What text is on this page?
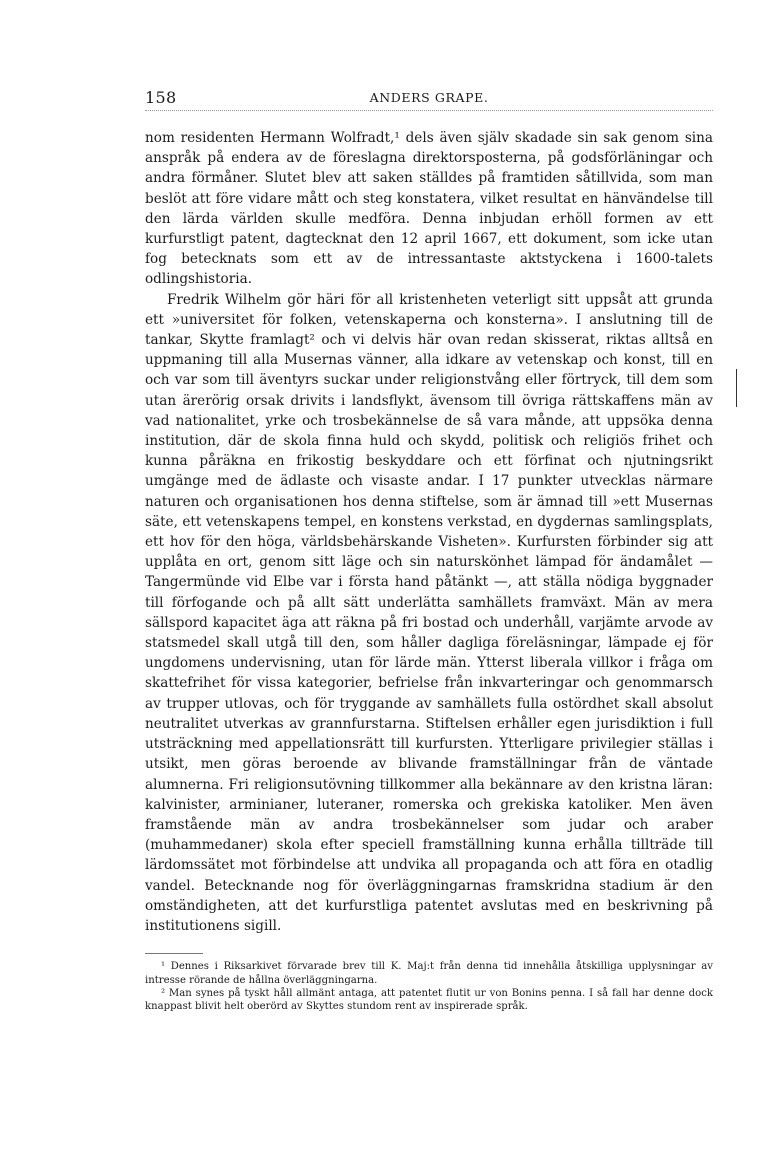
158	ANDERS GRAPE.

nom residenten Hermann Wolfradt,¹ dels även själv skadade sin sak genom sina anspråk på endera av de föreslagna direktorsposterna, på godsförläningar och andra förmåner. Slutet blev att saken ställdes på framtiden såtillvida, som man beslöt att före vidare mått och steg konstatera, vilket resultat en hänvändelse till den lärda världen skulle medföra. Denna inbjudan erhöll formen av ett kurfurstligt patent, dagtecknat den 12 april 1667, ett dokument, som icke utan fog betecknats som ett av de intressantaste aktstyckena i 1600-talets odlingshistoria.

Fredrik Wilhelm gör häri för all kristenheten veterligt sitt uppsåt att grunda ett »universitet för folken, vetenskaperna och konsterna». I anslutning till de tankar, Skytte framlagt² och vi delvis här ovan redan skisserat, riktas alltså en uppmaning till alla Musernas vänner, alla idkare av vetenskap och konst, till en och var som till äventyrs suckar under religionstvång eller förtryck, till dem som utan ärerörig orsak drivits i landsflykt, ävensom till övriga rättskaffens män av vad nationalitet, yrke och trosbekännelse de så vara månde, att uppsöka denna institution, där de skola finna huld och skydd, politisk och religiös frihet och kunna påräkna en frikostig beskyddare och ett förfinat och njutningsrikt umgänge med de ädlaste och visaste andar. I 17 punkter utvecklas närmare naturen och organisationen hos denna stiftelse, som är ämnad till »ett Musernas säte, ett vetenskapens tempel, en konstens verkstad, en dygdernas samlingsplats, ett hov för den höga, världsbehärskande Visheten». Kurfursten förbinder sig att upplåta en ort, genom sitt läge och sin naturskönhet lämpad för ändamålet — Tangermünde vid Elbe var i första hand påtänkt —, att ställa nödiga byggnader till förfogande och på allt sätt underlätta samhällets framväxt. Män av mera sällspord kapacitet äga att räkna på fri bostad och underhåll, varjämte arvode av statsmedel skall utgå till den, som håller dagliga föreläsningar, lämpade ej för ungdomens undervisning, utan för lärde män. Ytterst liberala villkor i fråga om skattefrihet för vissa kategorier, befrielse från inkvarteringar och genommarsch av trupper utlovas, och för tryggande av samhällets fulla ostördhet skall absolut neutralitet utverkas av grannfurstarna. Stiftelsen erhåller egen jurisdiktion i full utsträckning med appellationsrätt till kurfursten. Ytterligare privilegier ställas i utsikt, men göras beroende av blivande framställningar från de väntade alumnerna. Fri religionsutövning tillkommer alla bekännare av den kristna läran: kalvinister, arminianer, luteraner, romerska och grekiska katoliker. Men även framstående män av andra trosbekännelser som judar och araber (muhammedaner) skola efter speciell framställning kunna erhålla tillträde till lärdomssätet mot förbindelse att undvika all propaganda och att föra en otadlig vandel. Betecknande nog för överläggningarnas framskridna stadium är den omständigheten, att det kurfurstliga patentet avslutas med en beskrivning på institutionens sigill.

¹ Dennes i Riksarkivet förvarade brev till K. Maj:t från denna tid innehålla åtskilliga upplysningar av intresse rörande de hållna överläggningarna.

² Man synes på tyskt håll allmänt antaga, att patentet flutit ur von Bonins penna. I så fall har denne dock knappast blivit helt oberörd av Skyttes stundom rent av inspirerade språk.
